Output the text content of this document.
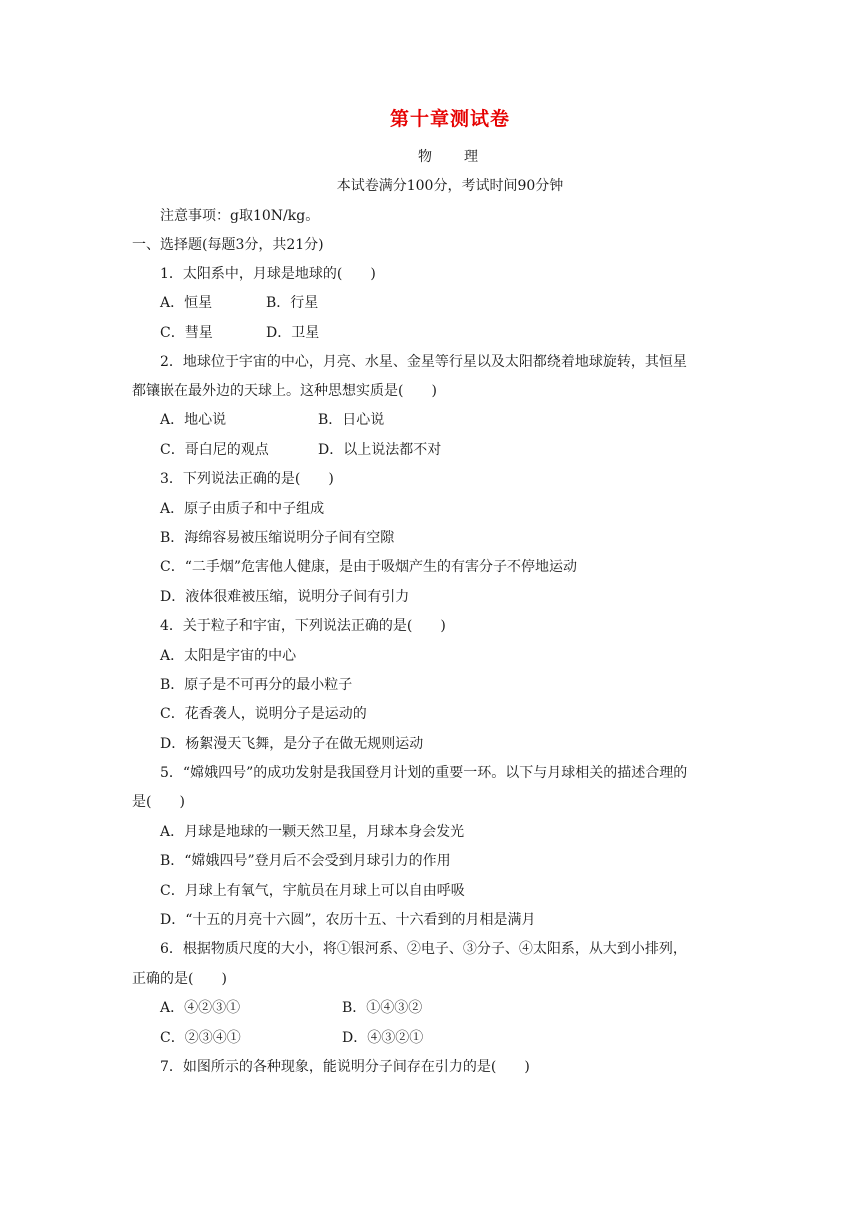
第十章测试卷
物 理
本试卷满分100分，考试时间90分钟
注意事项：g取10N/kg。
一、选择题(每题3分，共21分)
1．太阳系中，月球是地球的(　　)
A．恒星	B．行星
C．彗星	D．卫星
2．地球位于宇宙的中心，月亮、水星、金星等行星以及太阳都绕着地球旋转，其恒星
都镶嵌在最外边的天球上。这种思想实质是(　　)
A．地心说	B．日心说
C．哥白尼的观点	D．以上说法都不对
3．下列说法正确的是(　　)
A．原子由质子和中子组成
B．海绵容易被压缩说明分子间有空隙
C．“二手烟”危害他人健康，是由于吸烟产生的有害分子不停地运动
D．液体很难被压缩，说明分子间有引力
4．关于粒子和宇宙，下列说法正确的是(　　)
A．太阳是宇宙的中心
B．原子是不可再分的最小粒子
C．花香袭人，说明分子是运动的
D．杨絮漫天飞舞，是分子在做无规则运动
5．“嫦娥四号”的成功发射是我国登月计划的重要一环。以下与月球相关的描述合理的
是(　　)
A．月球是地球的一颗天然卫星，月球本身会发光
B．“嫦娥四号”登月后不会受到月球引力的作用
C．月球上有氧气，宇航员在月球上可以自由呼吸
D．“十五的月亮十六圆”，农历十五、十六看到的月相是满月
6．根据物质尺度的大小，将①银河系、②电子、③分子、④太阳系，从大到小排列，
正确的是(　　)
A．④②③①	B．①④③②
C．②③④①	D．④③②①
7．如图所示的各种现象，能说明分子间存在引力的是(　　)
